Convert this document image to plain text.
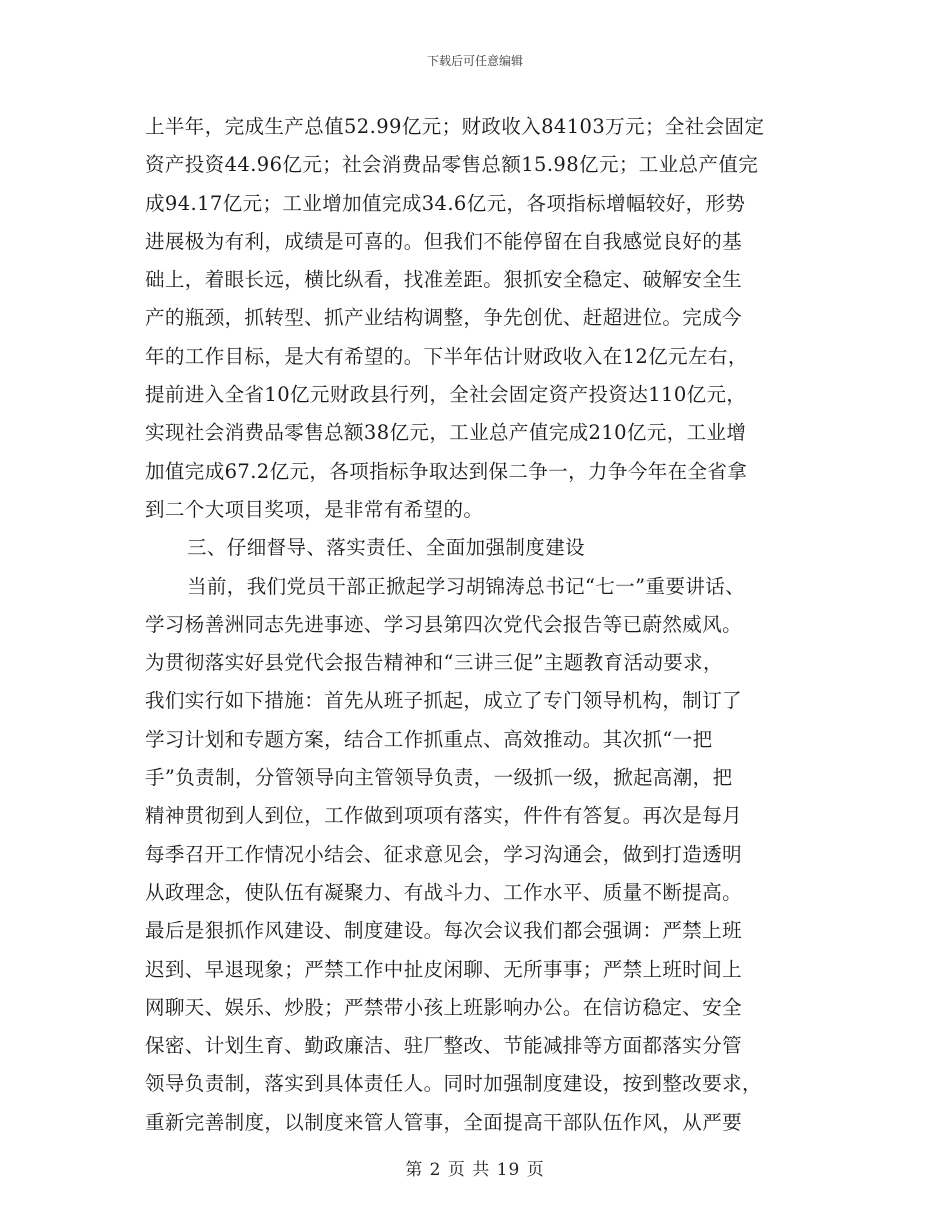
下载后可任意编辑
上半年，完成生产总值52.99亿元；财政收入84103万元；全社会固定
资产投资44.96亿元；社会消费品零售总额15.98亿元；工业总产值完
成94.17亿元；工业增加值完成34.6亿元，各项指标增幅较好，形势
进展极为有利，成绩是可喜的。但我们不能停留在自我感觉良好的基
础上，着眼长远，横比纵看，找准差距。狠抓安全稳定、破解安全生
产的瓶颈，抓转型、抓产业结构调整，争先创优、赶超进位。完成今
年的工作目标，是大有希望的。下半年估计财政收入在12亿元左右，
提前进入全省10亿元财政县行列，全社会固定资产投资达110亿元，
实现社会消费品零售总额38亿元，工业总产值完成210亿元，工业增
加值完成67.2亿元，各项指标争取达到保二争一，力争今年在全省拿
到二个大项目奖项，是非常有希望的。
三、仔细督导、落实责任、全面加强制度建设
当前，我们党员干部正掀起学习胡锦涛总书记“七一”重要讲话、
学习杨善洲同志先进事迹、学习县第四次党代会报告等已蔚然威风。
为贯彻落实好县党代会报告精神和“三讲三促”主题教育活动要求，
我们实行如下措施：首先从班子抓起，成立了专门领导机构，制订了
学习计划和专题方案，结合工作抓重点、高效推动。其次抓“一把
手”负责制，分管领导向主管领导负责，一级抓一级，掀起高潮，把
精神贯彻到人到位，工作做到项项有落实，件件有答复。再次是每月
每季召开工作情况小结会、征求意见会，学习沟通会，做到打造透明
从政理念，使队伍有凝聚力、有战斗力、工作水平、质量不断提高。
最后是狠抓作风建设、制度建设。每次会议我们都会强调：严禁上班
迟到、早退现象；严禁工作中扯皮闲聊、无所事事；严禁上班时间上
网聊天、娱乐、炒股；严禁带小孩上班影响办公。在信访稳定、安全
保密、计划生育、勤政廉洁、驻厂整改、节能减排等方面都落实分管
领导负责制，落实到具体责任人。同时加强制度建设，按到整改要求，
重新完善制度，以制度来管人管事，全面提高干部队伍作风，从严要
第 2 页 共 19 页
